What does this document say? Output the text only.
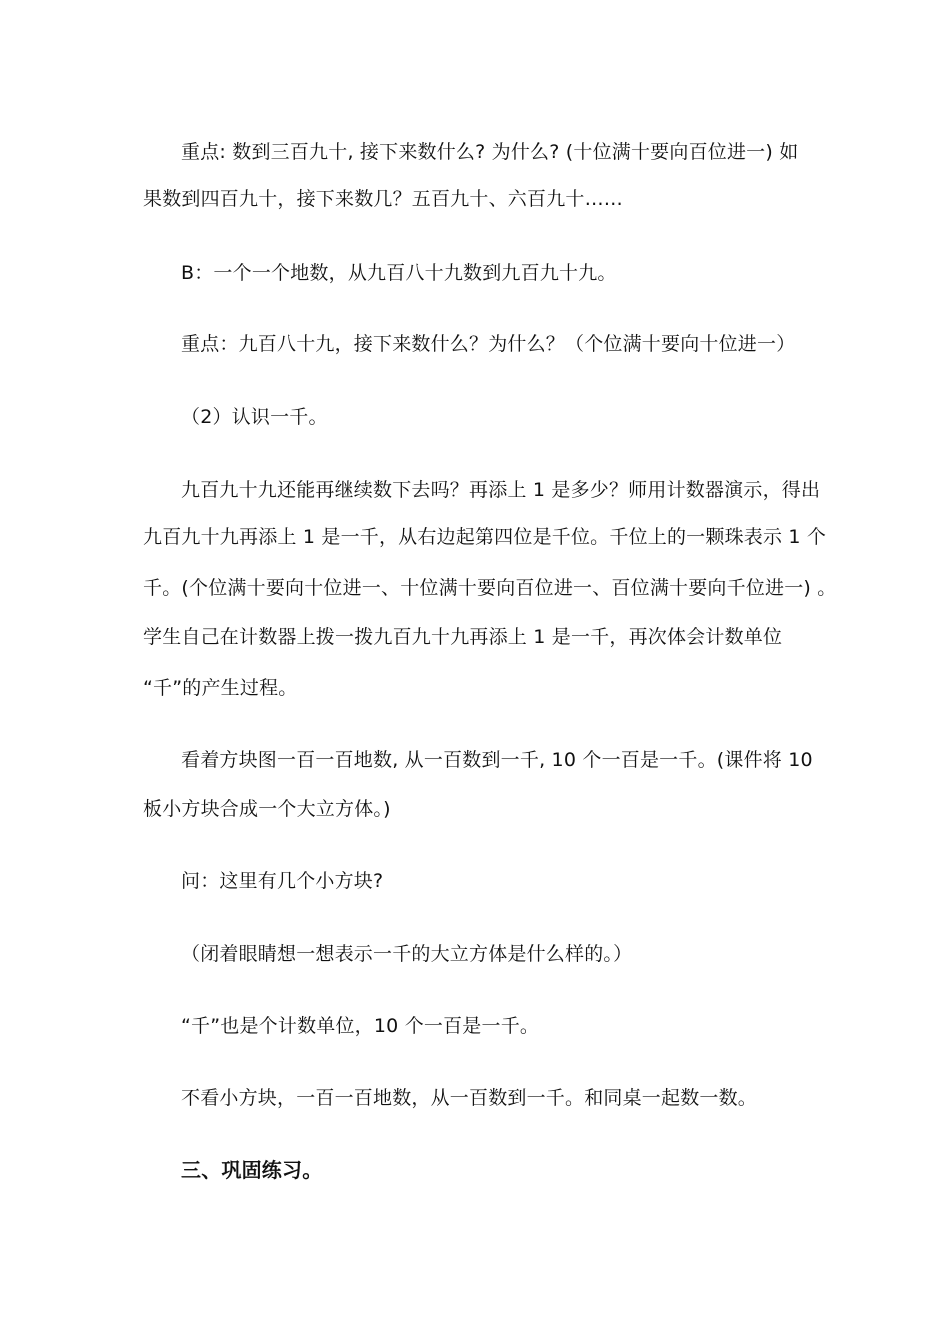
重点: 数到三百九十, 接下来数什么? 为什么? (十位满十要向百位进一) 如

果数到四百九十，接下来数几？五百九十、六百九十……

B：一个一个地数，从九百八十九数到九百九十九。

重点：九百八十九，接下来数什么？为什么？（个位满十要向十位进一）

（2）认识一千。

九百九十九还能再继续数下去吗？再添上 1 是多少？师用计数器演示，得出

九百九十九再添上 1 是一千，从右边起第四位是千位。千位上的一颗珠表示 1 个

千。(个位满十要向十位进一、十位满十要向百位进一、百位满十要向千位进一) 。

学生自己在计数器上拨一拨九百九十九再添上 1 是一千，再次体会计数单位

“千”的产生过程。

看着方块图一百一百地数, 从一百数到一千, 10 个一百是一千。(课件将 10

板小方块合成一个大立方体。)

问：这里有几个小方块?

（闭着眼睛想一想表示一千的大立方体是什么样的。）

“千”也是个计数单位，10 个一百是一千。

不看小方块，一百一百地数，从一百数到一千。和同桌一起数一数。

三、巩固练习。
